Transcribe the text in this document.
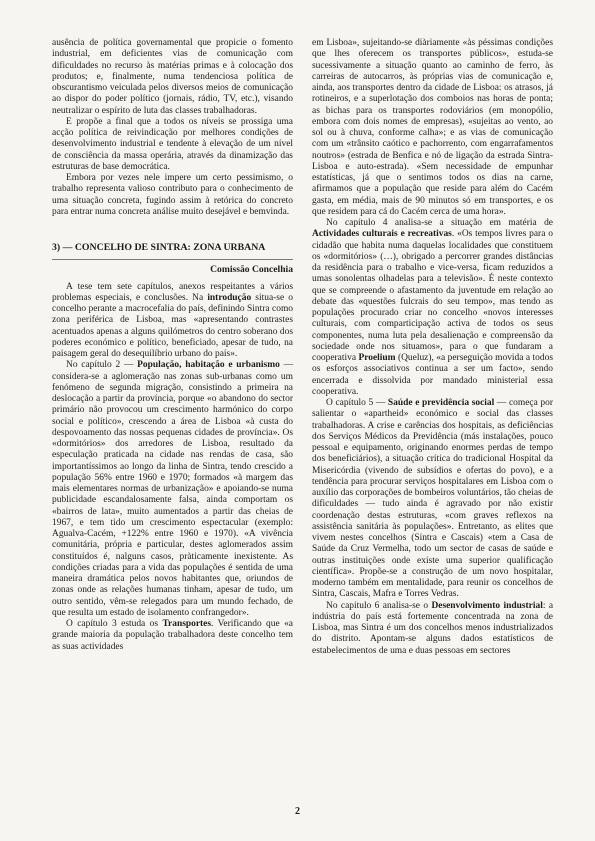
ausência de política governamental que propicie o fomento industrial, em deficientes vias de comunicação com dificuldades no recurso às matérias primas e à colocação dos produtos; e, finalmente, numa tendenciosa política de obscurantismo veiculada pelos diversos meios de comunicação ao dispor do poder político (jornais, rádio, TV, etc.), visando neutralizar o espírito de luta das classes trabalhadoras.

E propõe a final que a todos os níveis se prossiga uma acção política de reivindicação por melhores condições de desenvolvimento industrial e tendente à elevação de um nível de consciência da massa operária, através da dinamização das estruturas de base democrática.

Embora por vezes nele impere um certo pessimismo, o trabalho representa valioso contributo para o conhecimento de uma situação concreta, fugindo assim à retórica do concreto para entrar numa concreta análise muito desejável e bemvinda.

3) — CONCELHO DE SINTRA: ZONA URBANA

Comissão Concelhia

A tese tem sete capítulos, anexos respeitantes a vários problemas especiais, e conclusões. Na introdução situa-se o concelho perante a macrocefalia do país, definindo Sintra como zona periférica de Lisboa, mas «apresentando contrastes acentuados apenas a alguns quilómetros do centro soberano dos poderes económico e político, beneficiado, apesar de tudo, na paisagem geral do desequilíbrio urbano do país».

No capítulo 2 — População, habitação e urbanismo — considera-se a aglomeração nas zonas sub-urbanas como um fenómeno de segunda migração, consistindo a primeira na deslocação a partir da província, porque «o abandono do sector primário não provocou um crescimento harmónico do corpo social e político», crescendo a área de Lisboa «à custa do despovoamento das nossas pequenas cidades de província». Os «dormitórios» dos arredores de Lisboa, resultado da especulação praticada na cidade nas rendas de casa, são importantíssimos ao longo da linha de Sintra, tendo crescido a população 56% entre 1960 e 1970; formados «à margem das mais elementares normas de urbanização» e apoiando-se numa publicidade escandalosamente falsa, ainda comportam os «bairros de lata», muito aumentados a partir das cheias de 1967, e tem tido um crescimento espectacular (exemplo: Agualva-Cacém, +122% entre 1960 e 1970). «A vivência comunitária, própria e particular, destes aglomerados assim constituídos é, nalguns casos, pràticamente inexistente. As condições criadas para a vida das populações é sentida de uma maneira dramática pelos novos habitantes que, oriundos de zonas onde as relações humanas tinham, apesar de tudo, um outro sentido, vêm-se relegados para um mundo fechado, de que resulta um estado de isolamento confrangedor».

O capítulo 3 estuda os Transportes. Verificando que «a grande maioria da população trabalhadora deste concelho tem as suas actividades

em Lisboa», sujeitando-se diàriamente «às péssimas condições que lhes oferecem os transportes públicos», estuda-se sucessivamente a situação quanto ao caminho de ferro, às carreiras de autocarros, às próprias vias de comunicação e, ainda, aos transportes dentro da cidade de Lisboa: os atrasos, já rotineiros, e a superlotação dos comboios nas horas de ponta; as bichas para os transportes rodoviários (em monopólio, embora com dois nomes de empresas), «sujeitas ao vento, ao sol ou à chuva, conforme calha»; e as vias de comunicação com um «trânsito caótico e pachorrento, com engarrafamentos noutros» (estrada de Benfica e nó de ligação da estrada Sintra-Lisboa e auto-estrada). «Sem necessidade de empunhar estatísticas, já que o sentimos todos os dias na carne, afirmamos que a população que reside para além do Cacém gasta, em média, mais de 90 minutos só em transportes, e os que residem para cá do Cacém cerca de uma hora».

No capítulo 4 analisa-se a situação em matéria de Actividades culturais e recreativas. «Os tempos livres para o cidadão que habita numa daquelas localidades que constituem os «dormitórios» (…), obrigado a percorrer grandes distâncias da residência para o trabalho e vice-versa, ficam reduzidos a umas sonolentas olhadelas para a televisão». É neste contexto que se compreende o afastamento da juventude em relação ao debate das «questões fulcrais do seu tempo», mas tendo as populações procurado criar no concelho «novos interesses culturais, com comparticipação activa de todos os seus componentes, numa luta pela desalienação e compreensão da sociedade onde nos situamos», para o que fundaram a cooperativa Proelium (Queluz), «a perseguição movida a todos os esforços associativos continua a ser um facto», sendo encerrada e dissolvida por mandado ministerial essa cooperativa.

O capítulo 5 — Saúde e previdência social — começa por salientar o «apartheid» económico e social das classes trabalhadoras. A crise e carências dos hospitais, as deficiências dos Serviços Médicos da Previdência (más instalações, pouco pessoal e equipamento, originando enormes perdas de tempo dos beneficiários), a situação crítica do tradicional Hospital da Misericórdia (vivendo de subsídios e ofertas do povo), e a tendência para procurar serviços hospitalares em Lisboa com o auxílio das corporações de bombeiros voluntários, tão cheias de dificuldades — tudo ainda é agravado por não existir coordenação destas estruturas, «com graves reflexos na assistência sanitária às populações». Entretanto, as elites que vivem nestes concelhos (Sintra e Cascais) «tem a Casa de Saúde da Cruz Vermelha, todo um sector de casas de saúde e outras instituições onde existe uma superior qualificação científica». Propõe-se a construção de um novo hospitalar, moderno também em mentalidade, para reunir os concelhos de Sintra, Cascais, Mafra e Torres Vedras.

No capítulo 6 analisa-se o Desenvolvimento industrial: a indústria do país está fortemente concentrada na zona de Lisboa, mas Sintra é um dos concelhos menos industrializados do distrito. Apontam-se alguns dados estatísticos de estabelecimentos de uma e duas pessoas em sectores

2
